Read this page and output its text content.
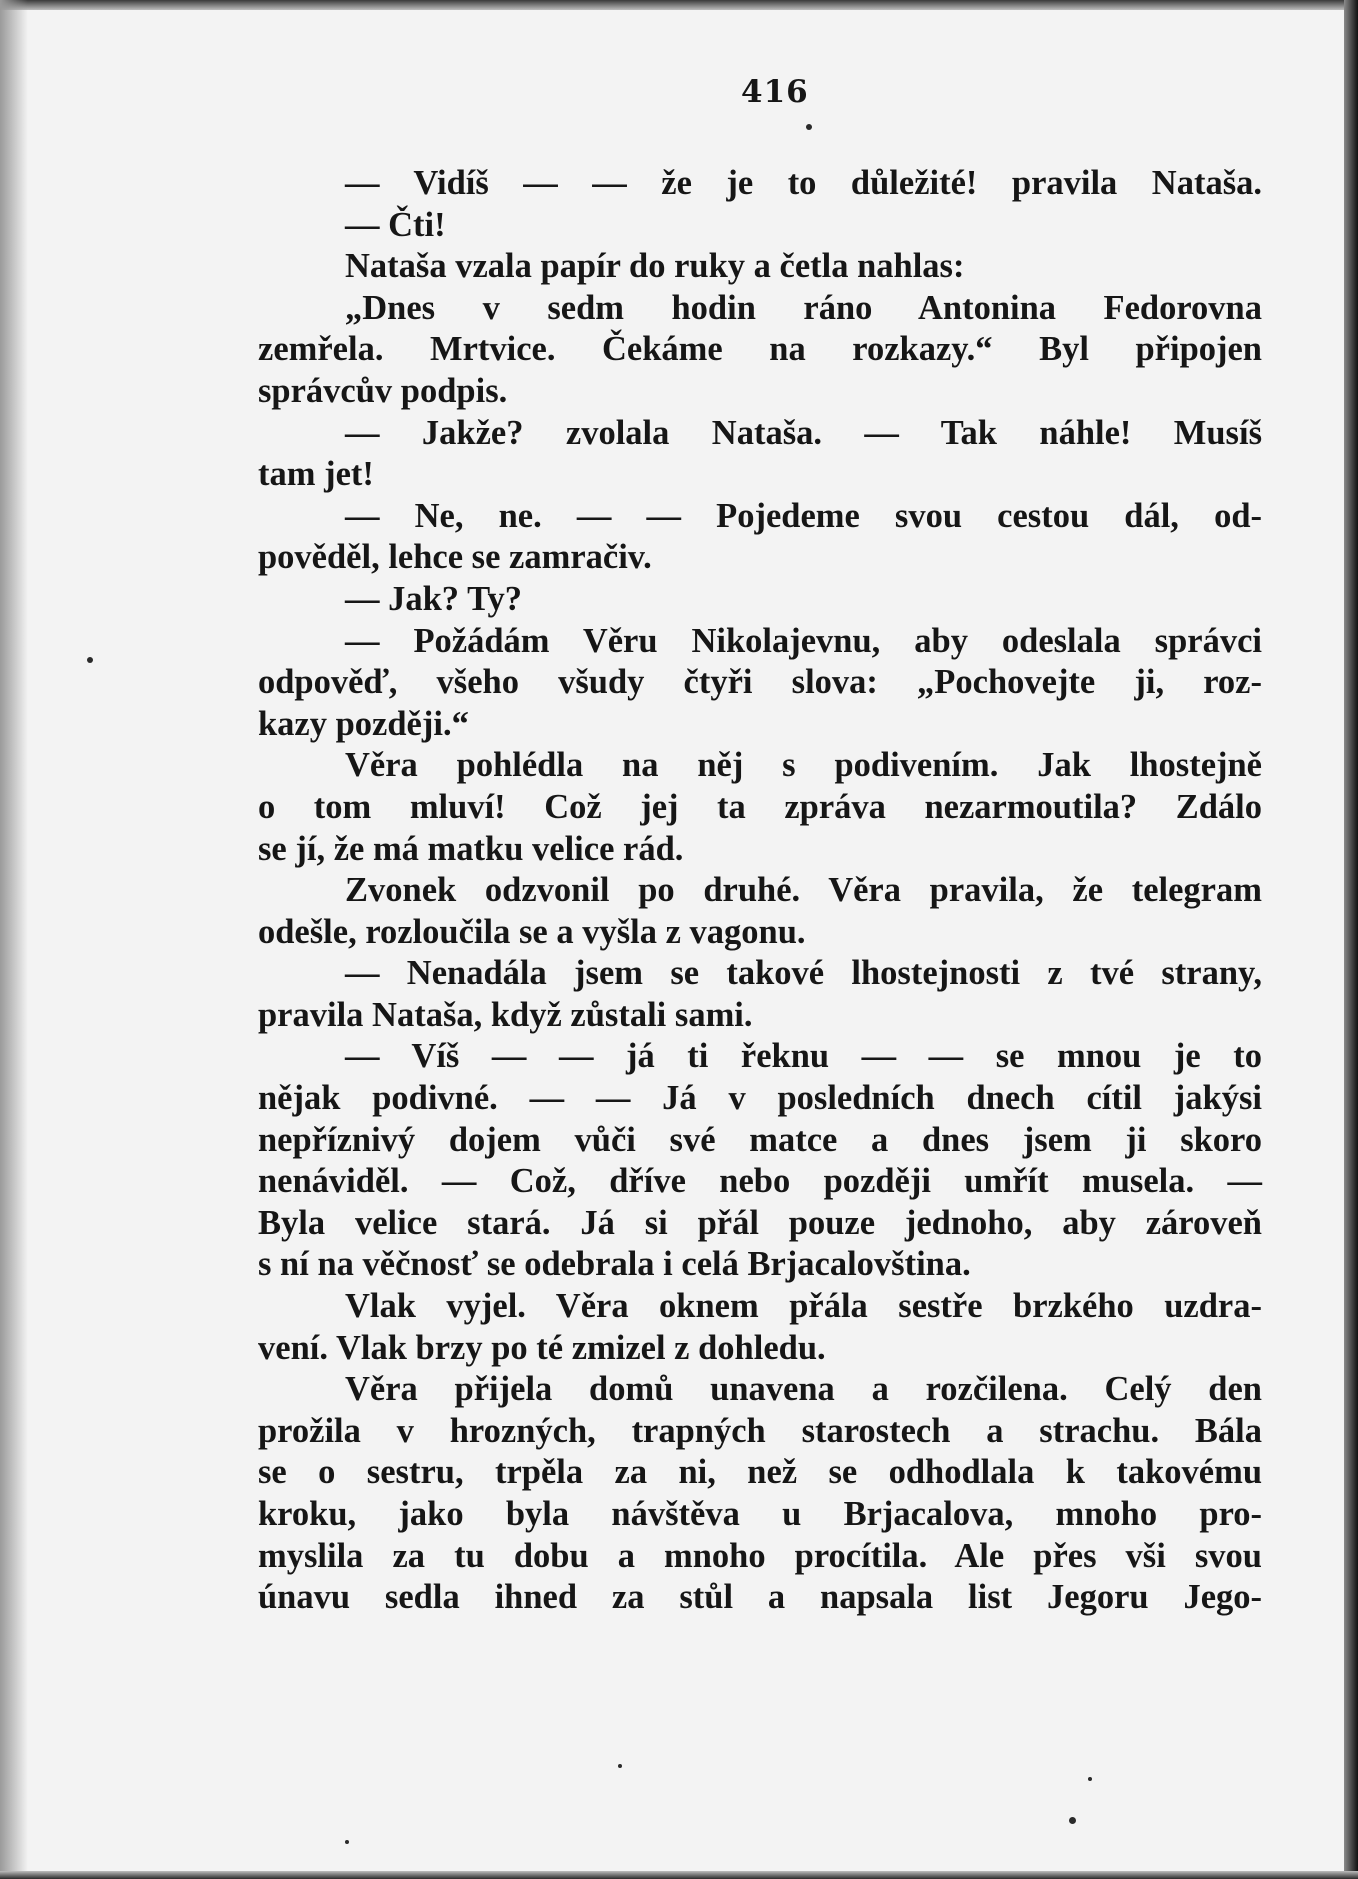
416
— Vidíš — — že je to důležité! pravila Nataša.
— Čti!
Nataša vzala papír do ruky a četla nahlas:
„Dnes v sedm hodin ráno Antonina Fedorovna
zemřela. Mrtvice. Čekáme na rozkazy.“ Byl připojen
správcův podpis.
— Jakže? zvolala Nataša. — Tak náhle! Musíš
tam jet!
— Ne, ne. — — Pojedeme svou cestou dál, od-
pověděl, lehce se zamračiv.
— Jak? Ty?
— Požádám Věru Nikolajevnu, aby odeslala správci
odpověď, všeho všudy čtyři slova: „Pochovejte ji, roz-
kazy později.“
Věra pohlédla na něj s podivením. Jak lhostejně
o tom mluví! Což jej ta zpráva nezarmoutila? Zdálo
se jí, že má matku velice rád.
Zvonek odzvonil po druhé. Věra pravila, že telegram
odešle, rozloučila se a vyšla z vagonu.
— Nenadála jsem se takové lhostejnosti z tvé strany,
pravila Nataša, když zůstali sami.
— Víš — — já ti řeknu — — se mnou je to
nějak podivné. — — Já v posledních dnech cítil jakýsi
nepříznivý dojem vůči své matce a dnes jsem ji skoro
nenáviděl. — Což, dříve nebo později umřít musela. —
Byla velice stará. Já si přál pouze jednoho, aby zároveň
s ní na věčnosť se odebrala i celá Brjacalovština.
Vlak vyjel. Věra oknem přála sestře brzkého uzdra-
vení. Vlak brzy po té zmizel z dohledu.
Věra přijela domů unavena a rozčilena. Celý den
prožila v hrozných, trapných starostech a strachu. Bála
se o sestru, trpěla za ni, než se odhodlala k takovému
kroku, jako byla návštěva u Brjacalova, mnoho pro-
myslila za tu dobu a mnoho procítila. Ale přes vši svou
únavu sedla ihned za stůl a napsala list Jegoru Jego-
